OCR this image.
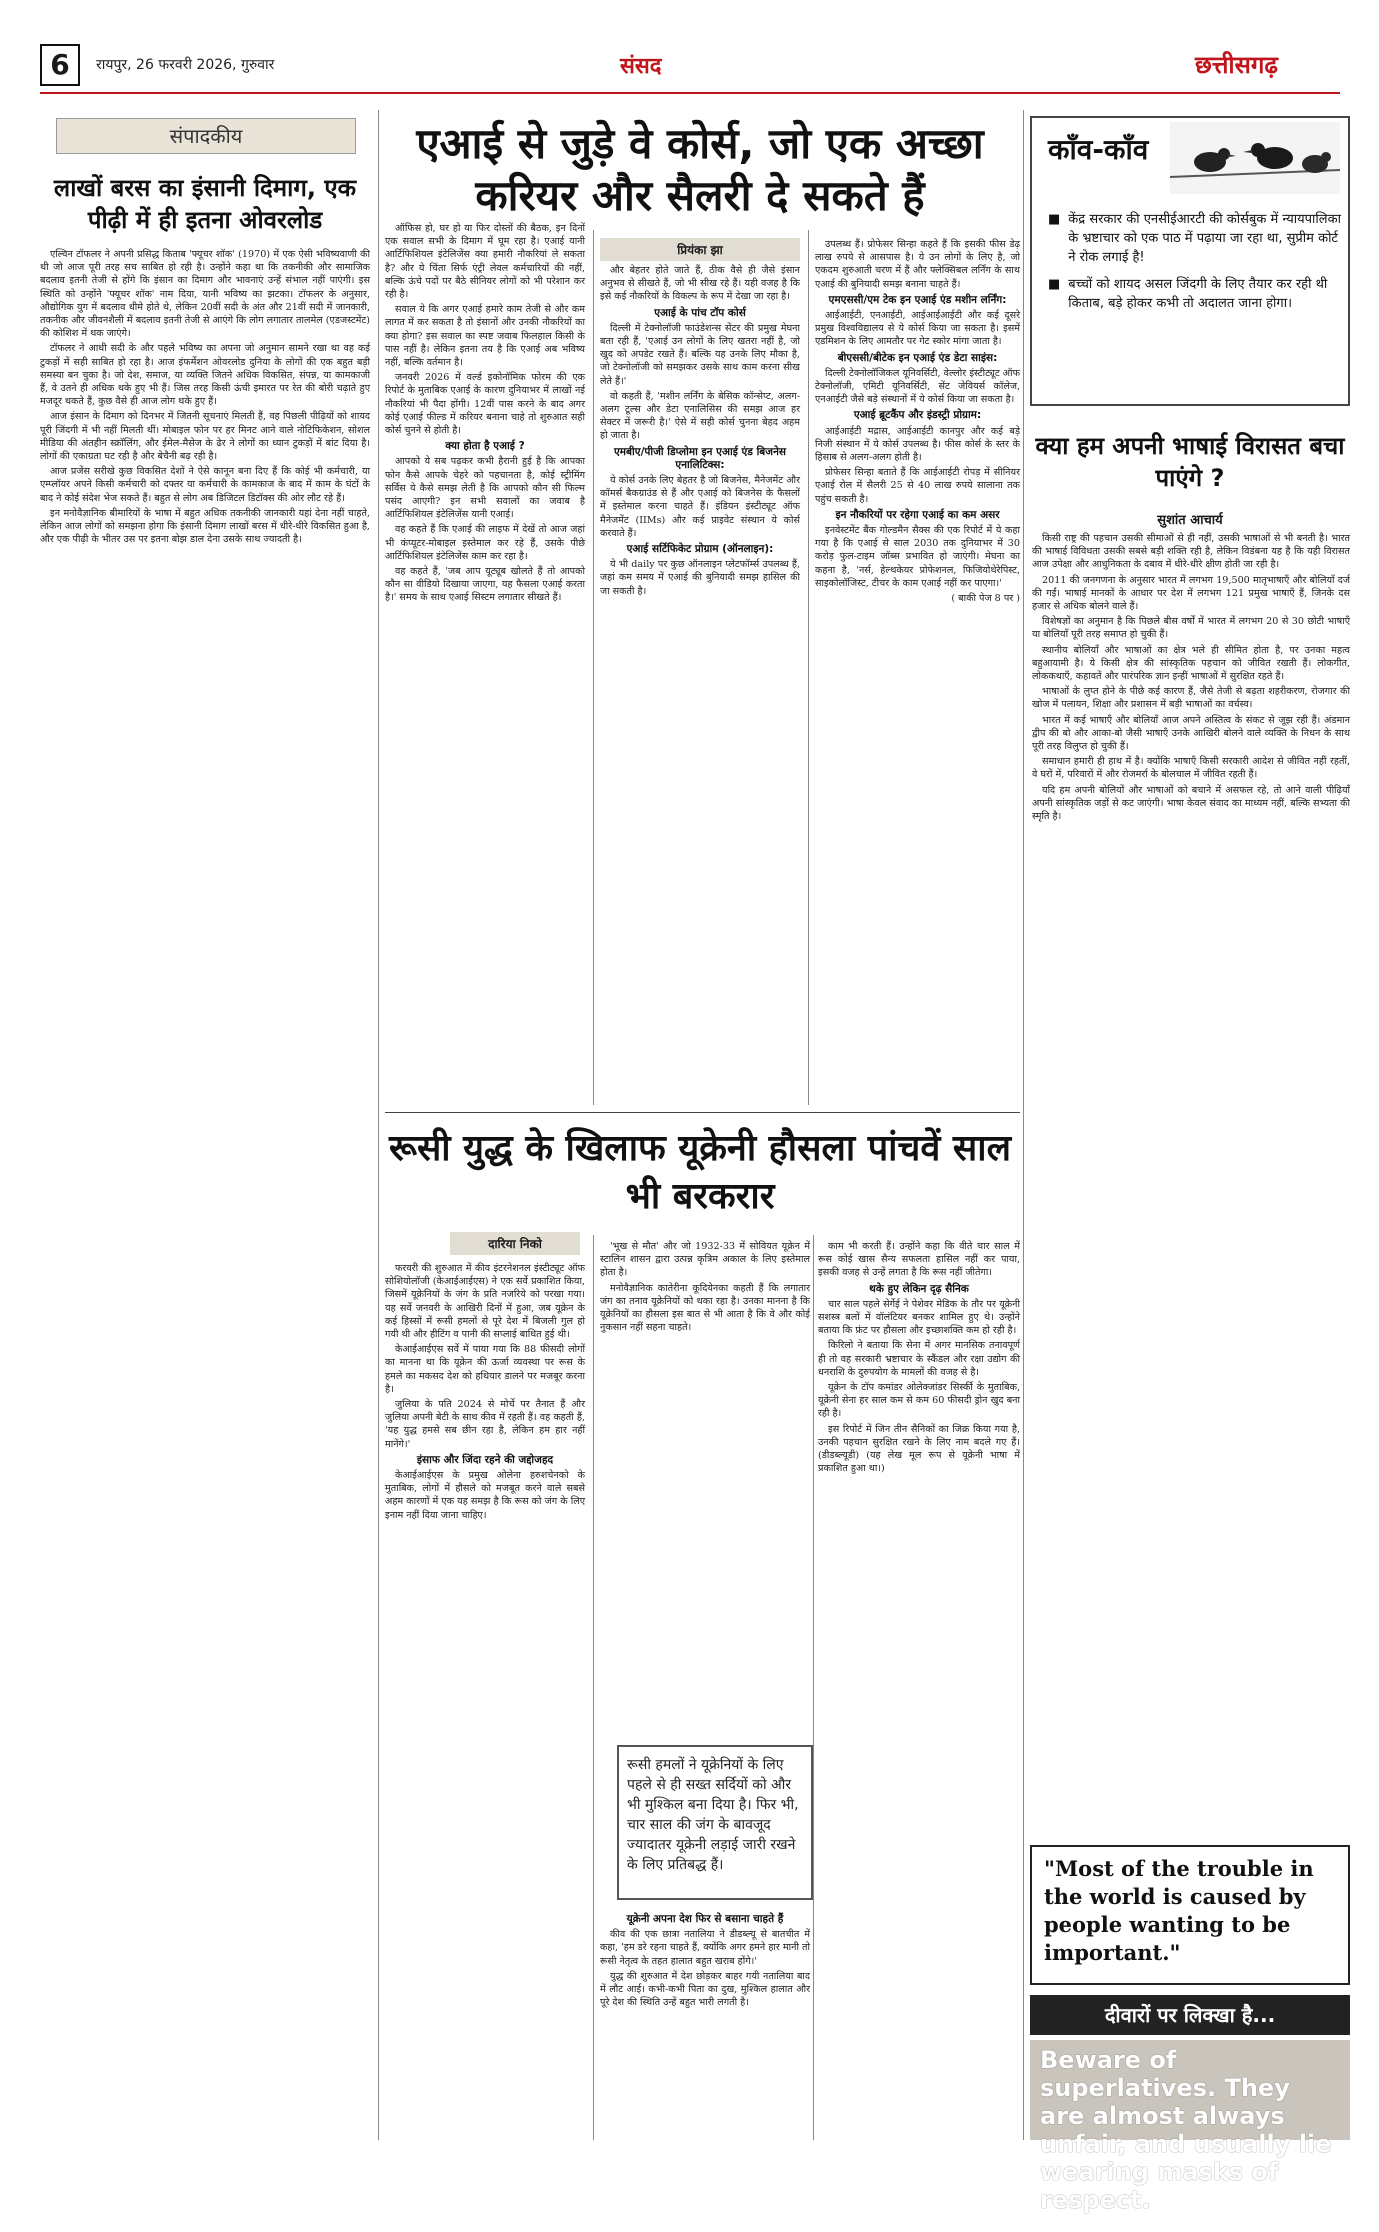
6	रायपुर, 26 फरवरी 2026, गुरुवार	संसद	छत्तीसगढ़
संपादकीय
लाखों बरस का इंसानी दिमाग, एक पीढ़ी में ही इतना ओवरलोड

एल्विन टॉफलर ने अपनी प्रसिद्ध किताब 'फ्यूचर शॉक' (1970) में एक ऐसी भविष्यवाणी की थी जो आज पूरी तरह सच साबित हो रही है। उन्होंने कहा था कि तकनीकी और सामाजिक बदलाव इतनी तेजी से होंगे कि इंसान का दिमाग और भावनाएं उन्हें संभाल नहीं पाएंगी। इस स्थिति को उन्होंने 'फ्यूचर शॉक' नाम दिया, यानी भविष्य का झटका। टॉफलर के अनुसार, औद्योगिक युग में बदलाव धीमे होते थे, लेकिन 20वीं सदी के अंत और 21वीं सदी में जानकारी, तकनीक और जीवनशैली में बदलाव इतनी तेजी से आएंगे कि लोग लगातार तालमेल (एडजस्टमेंट) की कोशिश में थक जाएंगे।

टॉफलर ने आधी सदी के और पहले भविष्य का अपना जो अनुमान सामने रखा था वह कई टुकड़ों में सही साबित हो रहा है। आज इंफर्मेशन ओवरलोड दुनिया के लोगों की एक बहुत बड़ी समस्या बन चुका है। जो देश, समाज, या व्यक्ति जितने अधिक विकसित, संपन्न, या कामकाजी हैं, वे उतने ही अधिक थके हुए भी हैं। जिस तरह किसी ऊंची इमारत पर रेत की बोरी चढ़ाते हुए मजदूर थकते हैं, कुछ वैसे ही आज लोग थके हुए हैं।

आज इंसान के दिमाग को दिनभर में जितनी सूचनाएं मिलती हैं, वह पिछली पीढ़ियों को शायद पूरी जिंदगी में भी नहीं मिलती थीं। मोबाइल फोन पर हर मिनट आने वाले नोटिफिकेशन, सोशल मीडिया की अंतहीन स्क्रॉलिंग, और ईमेल-मैसेज के ढेर ने लोगों का ध्यान टुकड़ों में बांट दिया है। लोगों की एकाग्रता घट रही है और बेचैनी बढ़ रही है।

आज प्रजेंस सरीखे कुछ विकसित देशों ने ऐसे कानून बना दिए हैं कि कोई भी कर्मचारी, या एम्प्लॉयर अपने किसी कर्मचारी को दफ्तर या कर्मचारी के कामकाज के बाद में काम के घंटों के बाद ने कोई संदेश भेज सकते हैं। बहुत से लोग अब डिजिटल डिटॉक्स की ओर लौट रहे हैं।

इन मनोवैज्ञानिक बीमारियों के भाषा में बहुत अधिक तकनीकी जानकारी यहां देना नहीं चाहते, लेकिन आज लोगों को समझना होगा कि इंसानी दिमाग लाखों बरस में धीरे-धीरे विकसित हुआ है, और एक पीढ़ी के भीतर उस पर इतना बोझ डाल देना उसके साथ ज्यादती है।

एआई से जुड़े वे कोर्स, जो एक अच्छा करियर और सैलरी दे सकते हैं

ऑफिस हो, घर हो या फिर दोस्तों की बैठक, इन दिनों एक सवाल सभी के दिमाग में घूम रहा है। एआई यानी आर्टिफिशियल इंटेलिजेंस क्या हमारी नौकरियां ले सकता है? और ये चिंता सिर्फ एंट्री लेवल कर्मचारियों की नहीं, बल्कि ऊंचे पदों पर बैठे सीनियर लोगों को भी परेशान कर रही है।

सवाल ये कि अगर एआई हमारे काम तेजी से और कम लागत में कर सकता है तो इंसानों और उनकी नौकरियों का क्या होगा? इस सवाल का स्पष्ट जवाब फिलहाल किसी के पास नहीं है। लेकिन इतना तय है कि एआई अब भविष्य नहीं, बल्कि वर्तमान है।

जनवरी 2026 में वर्ल्ड इकोनॉमिक फोरम की एक रिपोर्ट के मुताबिक एआई के कारण दुनियाभर में लाखों नई नौकरियां भी पैदा होंगी। 12वीं पास करने के बाद अगर कोई एआई फील्ड में करियर बनाना चाहे तो शुरुआत सही कोर्स चुनने से होती है।

क्या होता है एआई ?

आपको ये सब पढ़कर कभी हैरानी हुई है कि आपका फोन कैसे आपके चेहरे को पहचानता है, कोई स्ट्रीमिंग सर्विस ये कैसे समझ लेती है कि आपको कौन सी फिल्म पसंद आएगी? इन सभी सवालों का जवाब है आर्टिफिशियल इंटेलिजेंस यानी एआई।

वह कहते हैं कि एआई की लाइफ में देखें तो आज जहां भी कंप्यूटर-मोबाइल इस्तेमाल कर रहे हैं, उसके पीछे आर्टिफिशियल इंटेलिजेंस काम कर रहा है।

वह कहते हैं, 'जब आप यूट्यूब खोलते हैं तो आपको कौन सा वीडियो दिखाया जाएगा, यह फैसला एआई करता है।' समय के साथ एआई सिस्टम लगातार सीखते हैं।

प्रियंका झा

और बेहतर होते जाते हैं, ठीक वैसे ही जैसे इंसान अनुभव से सीखते हैं, जो भी सीख रहे हैं। यही वजह है कि इसे कई नौकरियों के विकल्प के रूप में देखा जा रहा है।

एआई के पांच टॉप कोर्स

दिल्ली में टेक्नोलॉजी फाउंडेशन्स सेंटर की प्रमुख मेघना बता रही हैं, 'एआई उन लोगों के लिए खतरा नहीं है, जो खुद को अपडेट रखते हैं। बल्कि यह उनके लिए मौका है, जो टेक्नोलॉजी को समझकर उसके साथ काम करना सीख लेते हैं।'

वो कहती हैं, 'मशीन लर्निंग के बेसिक कॉन्सेप्ट, अलग-अलग टूल्स और डेटा एनालिसिस की समझ आज हर सेक्टर में जरूरी है।' ऐसे में सही कोर्स चुनना बेहद अहम हो जाता है।

एमबीए/पीजी डिप्लोमा इन एआई एंड बिजनेस एनालिटिक्स:

ये कोर्स उनके लिए बेहतर है जो बिजनेस, मैनेजमेंट और कॉमर्स बैकग्राउंड से हैं और एआई को बिजनेस के फैसलों में इस्तेमाल करना चाहते हैं। इंडियन इंस्टीट्यूट ऑफ मैनेजमेंट (IIMs) और कई प्राइवेट संस्थान ये कोर्स करवाते हैं।

एआई सर्टिफिकेट प्रोग्राम (ऑनलाइन):

ये भी daily पर कुछ ऑनलाइन प्लेटफॉर्म्स उपलब्ध हैं, जहां कम समय में एआई की बुनियादी समझ हासिल की जा सकती है।

उपलब्ध हैं। प्रोफेसर सिन्हा कहते हैं कि इसकी फीस डेढ़ लाख रुपये से आसपास है। ये उन लोगों के लिए है, जो एकदम शुरुआती चरण में हैं और फ्लेक्सिबल लर्निंग के साथ एआई की बुनियादी समझ बनाना चाहते हैं।

एमएससी/एम टेक इन एआई एंड मशीन लर्निंग:

आईआईटी, एनआईटी, आईआईआईटी और कई दूसरे प्रमुख विश्वविद्यालय से ये कोर्स किया जा सकता है। इसमें एडमिशन के लिए आमतौर पर गेट स्कोर मांगा जाता है।

बीएससी/बीटेक इन एआई एंड डेटा साइंस:

दिल्ली टेक्नोलॉजिकल यूनिवर्सिटी, वेल्लोर इंस्टीट्यूट ऑफ टेक्नोलॉजी, एमिटी यूनिवर्सिटी, सेंट जेवियर्स कॉलेज, एनआईटी जैसे बड़े संस्थानों में ये कोर्स किया जा सकता है।

एआई ब्रूटकैंप और इंडस्ट्री प्रोग्राम:

आईआईटी मद्रास, आईआईटी कानपुर और कई बड़े निजी संस्थान में ये कोर्स उपलब्ध है। फीस कोर्स के स्तर के हिसाब से अलग-अलग होती है।

प्रोफेसर सिन्हा बताते हैं कि आईआईटी रोपड़ में सीनियर एआई रोल में सैलरी 25 से 40 लाख रुपये सालाना तक पहुंच सकती है।

इन नौकरियों पर रहेगा एआई का कम असर

इनवेस्टमेंट बैंक गोल्डमैन सैक्स की एक रिपोर्ट में ये कहा गया है कि एआई से साल 2030 तक दुनियाभर में 30 करोड़ फुल-टाइम जॉब्स प्रभावित हो जाएंगी। मेघना का कहना है, 'नर्स, हेल्थकेयर प्रोफेशनल, फिजियोथेरेपिस्ट, साइकोलॉजिस्ट, टीचर के काम एआई नहीं कर पाएगा।'

( बाकी पेज 8 पर )

काँव-काँव
■ केंद्र सरकार की एनसीईआरटी की कोर्सबुक में न्यायपालिका के भ्रष्टाचार को एक पाठ में पढ़ाया जा रहा था, सुप्रीम कोर्ट ने रोक लगाई है!
■ बच्चों को शायद असल जिंदगी के लिए तैयार कर रही थी किताब, बड़े होकर कभी तो अदालत जाना होगा।
क्या हम अपनी भाषाई विरासत बचा पाएंगे ?
सुशांत आचार्य

किसी राष्ट्र की पहचान उसकी सीमाओं से ही नहीं, उसकी भाषाओं से भी बनती है। भारत की भाषाई विविधता उसकी सबसे बड़ी शक्ति रही है, लेकिन विडंबना यह है कि यही विरासत आज उपेक्षा और आधुनिकता के दबाव में धीरे-धीरे क्षीण होती जा रही है।

2011 की जनगणना के अनुसार भारत में लगभग 19,500 मातृभाषाएँ और बोलियाँ दर्ज की गईं। भाषाई मानकों के आधार पर देश में लगभग 121 प्रमुख भाषाएँ हैं, जिनके दस हजार से अधिक बोलने वाले हैं।

विशेषज्ञों का अनुमान है कि पिछले बीस वर्षों में भारत में लगभग 20 से 30 छोटी भाषाएँ या बोलियाँ पूरी तरह समाप्त हो चुकी हैं।

स्थानीय बोलियाँ और भाषाओं का क्षेत्र भले ही सीमित होता है, पर उनका महत्व बहुआयामी है। ये किसी क्षेत्र की सांस्कृतिक पहचान को जीवित रखती हैं। लोकगीत, लोककथाएँ, कहावतें और पारंपरिक ज्ञान इन्हीं भाषाओं में सुरक्षित रहते हैं।

भाषाओं के लुप्त होने के पीछे कई कारण हैं, जैसे तेजी से बढ़ता शहरीकरण, रोजगार की खोज में पलायन, शिक्षा और प्रशासन में बड़ी भाषाओं का वर्चस्व।

भारत में कई भाषाएँ और बोलियाँ आज अपने अस्तित्व के संकट से जूझ रही हैं। अंडमान द्वीप की बो और आका-बो जैसी भाषाएँ उनके आखिरी बोलने वाले व्यक्ति के निधन के साथ पूरी तरह विलुप्त हो चुकी हैं।

समाधान हमारी ही हाथ में है। क्योंकि भाषाएँ किसी सरकारी आदेश से जीवित नहीं रहतीं, वे घरों में, परिवारों में और रोजमर्रा के बोलचाल में जीवित रहती हैं।

यदि हम अपनी बोलियों और भाषाओं को बचाने में असफल रहे, तो आने वाली पीढ़ियाँ अपनी सांस्कृतिक जड़ों से कट जाएंगी। भाषा केवल संवाद का माध्यम नहीं, बल्कि सभ्यता की स्मृति है।

रूसी युद्ध के खिलाफ यूक्रेनी हौसला पांचवें साल भी बरकरार
दारिया निको

फरवरी की शुरुआत में कीव इंटरनेशनल इंस्टीट्यूट ऑफ सोशियोलॉजी (केआईआईएस) ने एक सर्वे प्रकाशित किया, जिसमें यूक्रेनियों के जंग के प्रति नजरिये को परखा गया। यह सर्वे जनवरी के आखिरी दिनों में हुआ, जब यूक्रेन के कई हिस्सों में रूसी हमलों से पूरे देश में बिजली गुल हो गयी थी और हीटिंग व पानी की सप्लाई बाधित हुई थी।

केआईआईएस सर्वे में पाया गया कि 88 फीसदी लोगों का मानना था कि यूक्रेन की ऊर्जा व्यवस्था पर रूस के हमले का मकसद देश को हथियार डालने पर मजबूर करना है।

जुलिया के पति 2024 से मोर्चे पर तैनात हैं और जुलिया अपनी बेटी के साथ कीव में रहती हैं। वह कहती हैं, 'यह युद्ध हमसे सब छीन रहा है, लेकिन हम हार नहीं मानेंगे।'

इंसाफ और जिंदा रहने की जद्दोजहद

केआईआईएस के प्रमुख ओलेना हरुशचेनको के मुताबिक, लोगों में हौसले को मजबूत करने वाले सबसे अहम कारणों में एक यह समझ है कि रूस को जंग के लिए इनाम नहीं दिया जाना चाहिए।

'भूख से मौत' और जो 1932-33 में सोवियत यूक्रेन में स्टालिन शासन द्वारा उत्पन्न कृत्रिम अकाल के लिए इस्तेमाल होता है।

मनोवैज्ञानिक कातेरीना कूदियेनका कहती हैं कि लगातार जंग का तनाव यूक्रेनियों को थका रहा है। उनका मानना है कि यूक्रेनियों का हौसला इस बात से भी आता है कि वे और कोई नुकसान नहीं सहना चाहते।

रूसी हमलों ने यूक्रेनियों के लिए पहले से ही सख्त सर्दियों को और भी मुश्किल बना दिया है। फिर भी, चार साल की जंग के बावजूद ज्यादातर यूक्रेनी लड़ाई जारी रखने के लिए प्रतिबद्ध हैं।
यूक्रेनी अपना देश फिर से बसाना चाहते हैं

कीव की एक छात्रा नतालिया ने डीडब्ल्यू से बातचीत में कहा, 'हम डरे रहना चाहते हैं, क्योंकि अगर हमने हार मानी तो रूसी नेतृत्व के तहत हालात बहुत खराब होंगे।'

युद्ध की शुरुआत में देश छोड़कर बाहर गयी नतालिया बाद में लौट आई। कभी-कभी पिता का दुख, मुश्किल हालात और पूरे देश की स्थिति उन्हें बहुत भारी लगती है।

काम भी करती हैं। उन्होंने कहा कि वीते चार साल में रूस कोई खास सैन्य सफलता हासिल नहीं कर पाया, इसकी वजह से उन्हें लगता है कि रूस नहीं जीतेगा।

थके हुए लेकिन दृढ़ सैनिक

चार साल पहले सेर्गेई ने पेशेवर मेडिक के तौर पर यूक्रेनी सशस्त्र बलों में वॉलंटियर बनकर शामिल हुए थे। उन्होंने बताया कि फ्रंट पर हौसला और इच्छाशक्ति कम हो रही है।

किरिलो ने बताया कि सेना में अगर मानसिक तनावपूर्ण ही तो वह सरकारी भ्रष्टाचार के स्कैंडल और रक्षा उद्योग की धनराशि के दुरुपयोग के मामलों की वजह से है।

यूक्रेन के टॉप कमांडर ओलेक्जांडर सिर्स्की के मुताबिक, यूक्रेनी सेना हर साल कम से कम 60 फीसदी ड्रोन खुद बना रही है।

इस रिपोर्ट में जिन तीन सैनिकों का जिक्र किया गया है, उनकी पहचान सुरक्षित रखने के लिए नाम बदले गए हैं। (डीडब्ल्यूडी) (यह लेख मूल रूप से यूक्रेनी भाषा में प्रकाशित हुआ था।)

"Most of the trouble in the world is caused by people wanting to be important."
दीवारों पर लिक्खा है...
Beware of superlatives. They are almost always unfair, and usually lie wearing masks of respect.
-Sunil Kumar
